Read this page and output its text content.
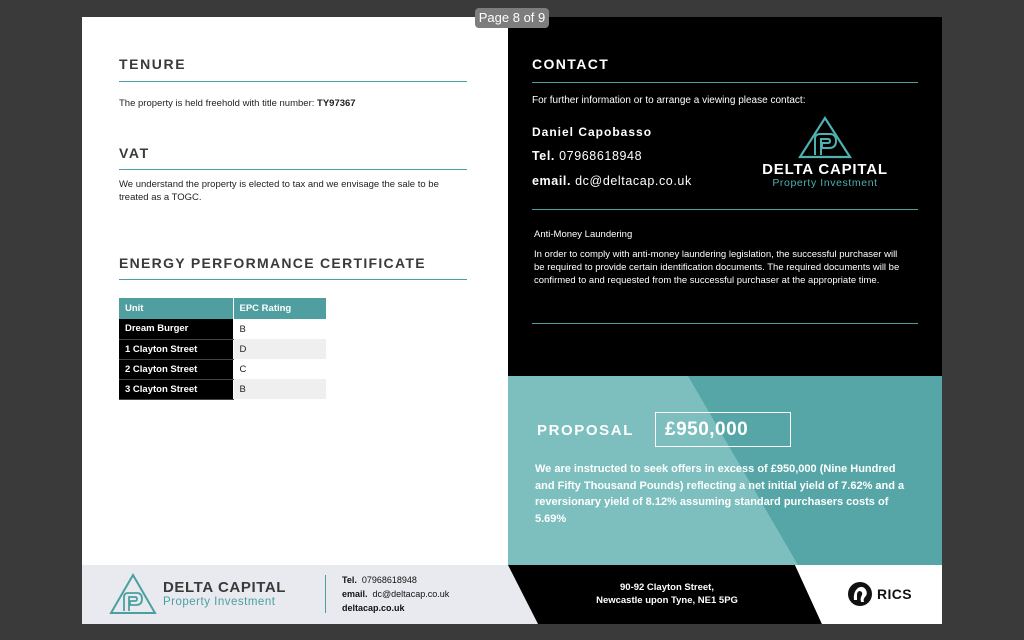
Page 8 of 9
TENURE
The property is held freehold with title number: TY97367
VAT
We understand the property is elected to tax and we envisage the sale to be treated as a TOGC.
ENERGY PERFORMANCE CERTIFICATE
Unit	EPC Rating
Dream Burger	B
1 Clayton Street	D
2 Clayton Street	C
3 Clayton Street	B
CONTACT
For further information or to arrange a viewing please contact:
Daniel Capobasso
Tel. 07968618948
email. dc@deltacap.co.uk
DELTA CAPITAL
Property Investment
Anti-Money Laundering
In order to comply with anti-money laundering legislation, the successful purchaser will be required to provide certain identification documents. The required documents will be confirmed to and requested from the successful purchaser at the appropriate time.
PROPOSAL	£950,000
We are instructed to seek offers in excess of £950,000 (Nine Hundred and Fifty Thousand Pounds) reflecting a net initial yield of 7.62% and a reversionary yield of 8.12% assuming standard purchasers costs of 5.69%
DELTA CAPITAL
Property Investment
Tel. 07968618948
email. dc@deltacap.co.uk
deltacap.co.uk
90-92 Clayton Street,
Newcastle upon Tyne, NE1 5PG	RICS
